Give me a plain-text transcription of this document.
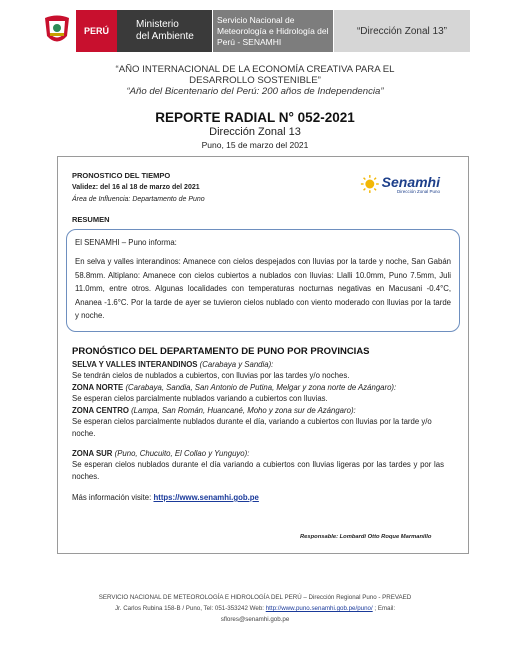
PERÚ
Ministerio
del Ambiente
Servicio Nacional de
Meteorología e Hidrología del
Perú - SENAMHI
“Dirección Zonal 13”
“AÑO INTERNACIONAL DE LA ECONOMÍA CREATIVA PARA EL
DESARROLLO SOSTENIBLE”
“Año del Bicentenario del Perú: 200 años de Independencia”
REPORTE RADIAL N° 052-2021
Dirección Zonal 13
Puno, 15 de marzo del 2021
PRONOSTICO DEL TIEMPO
Validez: del 16 al 18 de marzo del 2021
Área de Influencia: Departamento de Puno
RESUMEN
Senamhi
Dirección Zonal Puno
El SENAMHI – Puno informa:
En selva y valles interandinos: Amanece con cielos despejados con lluvias por la tarde y noche, San Gabán 58.8mm. Altiplano: Amanece con cielos cubiertos a nublados con lluvias: Llalli 10.0mm, Puno 7.5mm, Juli 11.0mm, entre otros. Algunas localidades con temperaturas nocturnas negativas en Macusani -0.4°C, Ananea -1.6°C. Por la tarde de ayer se tuvieron cielos nublado con viento moderado con lluvias por la tarde y noche.
PRONÓSTICO DEL DEPARTAMENTO DE PUNO POR PROVINCIAS
SELVA Y VALLES INTERANDINOS (Carabaya y Sandia):
Se tendrán cielos de nublados a cubiertos, con lluvias por las tardes y/o noches.
ZONA NORTE (Carabaya, Sandia, San Antonio de Putina, Melgar y zona norte de Azángaro):
Se esperan cielos parcialmente nublados variando a cubiertos con lluvias.
ZONA CENTRO (Lampa, San Román, Huancané, Moho y zona sur de Azángaro):
Se esperan cielos parcialmente nublados durante el día, variando a cubiertos con lluvias por la tarde y/o noche.
ZONA SUR (Puno, Chucuito, El Collao y Yunguyo):
Se esperan cielos nublados durante el día variando a cubiertos con lluvias ligeras por las tardes y por las noches.
Más información visite: https://www.senamhi.gob.pe
Responsable: Lombardi Otto Roque Marmanillo
SERVICIO NACIONAL DE METEOROLOGÍA E HIDROLOGÍA DEL PERÚ – Dirección Regional Puno - PREVAED
Jr. Carlos Rubina 158-B / Puno, Tel: 051-353242 Web: http://www.puno.senamhi.gob.pe/puno/ ; Email:
sflores@senamhi.gob.pe
